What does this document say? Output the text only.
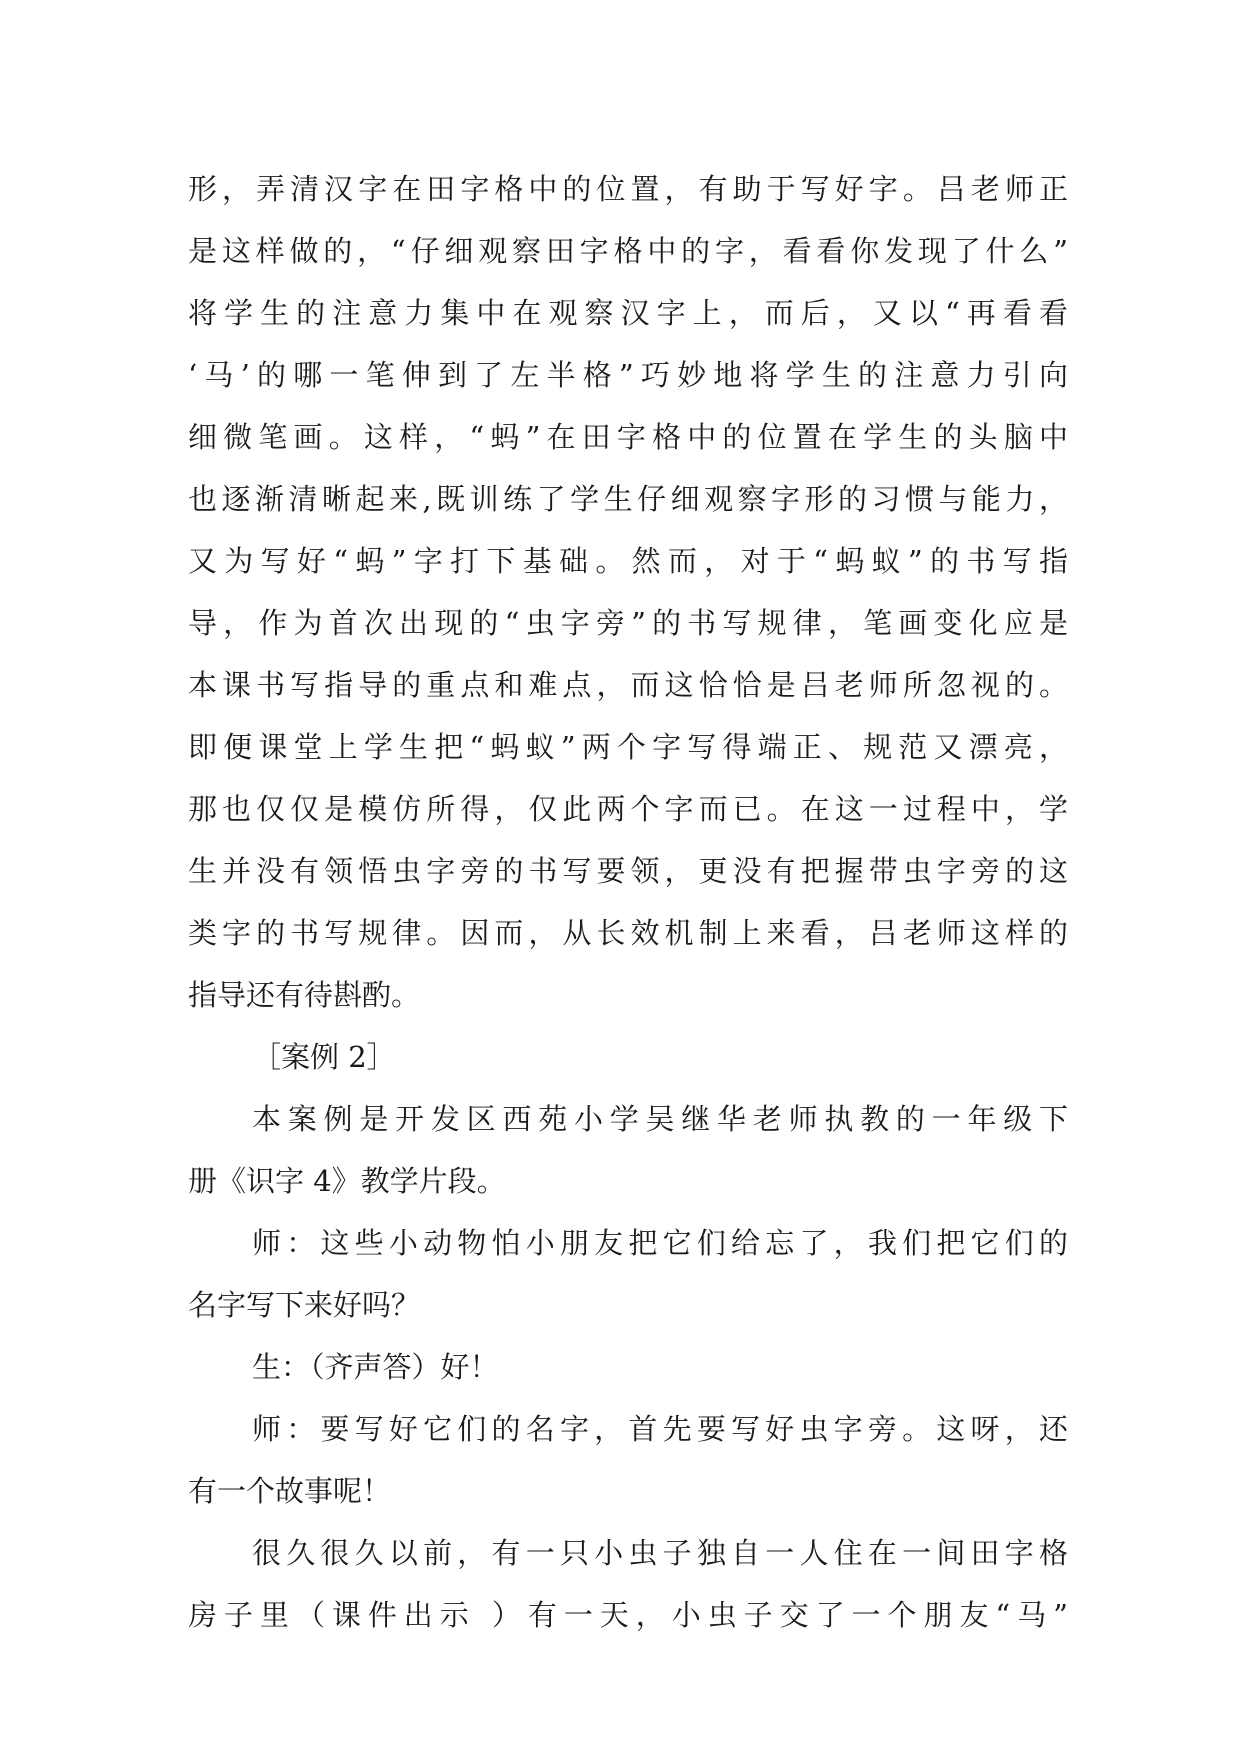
形，弄清汉字在田字格中的位置，有助于写好字。吕老师正
是这样做的，“仔细观察田字格中的字，看看你发现了什么”
将学生的注意力集中在观察汉字上，而后，又以“再看看
‘马’的哪一笔伸到了左半格”巧妙地将学生的注意力引向
细微笔画。这样，“蚂”在田字格中的位置在学生的头脑中
也逐渐清晰起来,既训练了学生仔细观察字形的习惯与能力，
又为写好“蚂”字打下基础。然而，对于“蚂蚁”的书写指
导，作为首次出现的“虫字旁”的书写规律，笔画变化应是
本课书写指导的重点和难点，而这恰恰是吕老师所忽视的。
即便课堂上学生把“蚂蚁”两个字写得端正、规范又漂亮，
那也仅仅是模仿所得，仅此两个字而已。在这一过程中，学
生并没有领悟虫字旁的书写要领，更没有把握带虫字旁的这
类字的书写规律。因而，从长效机制上来看，吕老师这样的
指导还有待斟酌。
［案例 2］
本案例是开发区西苑小学吴继华老师执教的一年级下
册《识字 4》教学片段。
师：这些小动物怕小朋友把它们给忘了，我们把它们的
名字写下来好吗？
生：（齐声答）好！
师：要写好它们的名字，首先要写好虫字旁。这呀，还
有一个故事呢！
很久很久以前，有一只小虫子独自一人住在一间田字格
房子里（课件出示 ）有一天，小虫子交了一个朋友“马”
